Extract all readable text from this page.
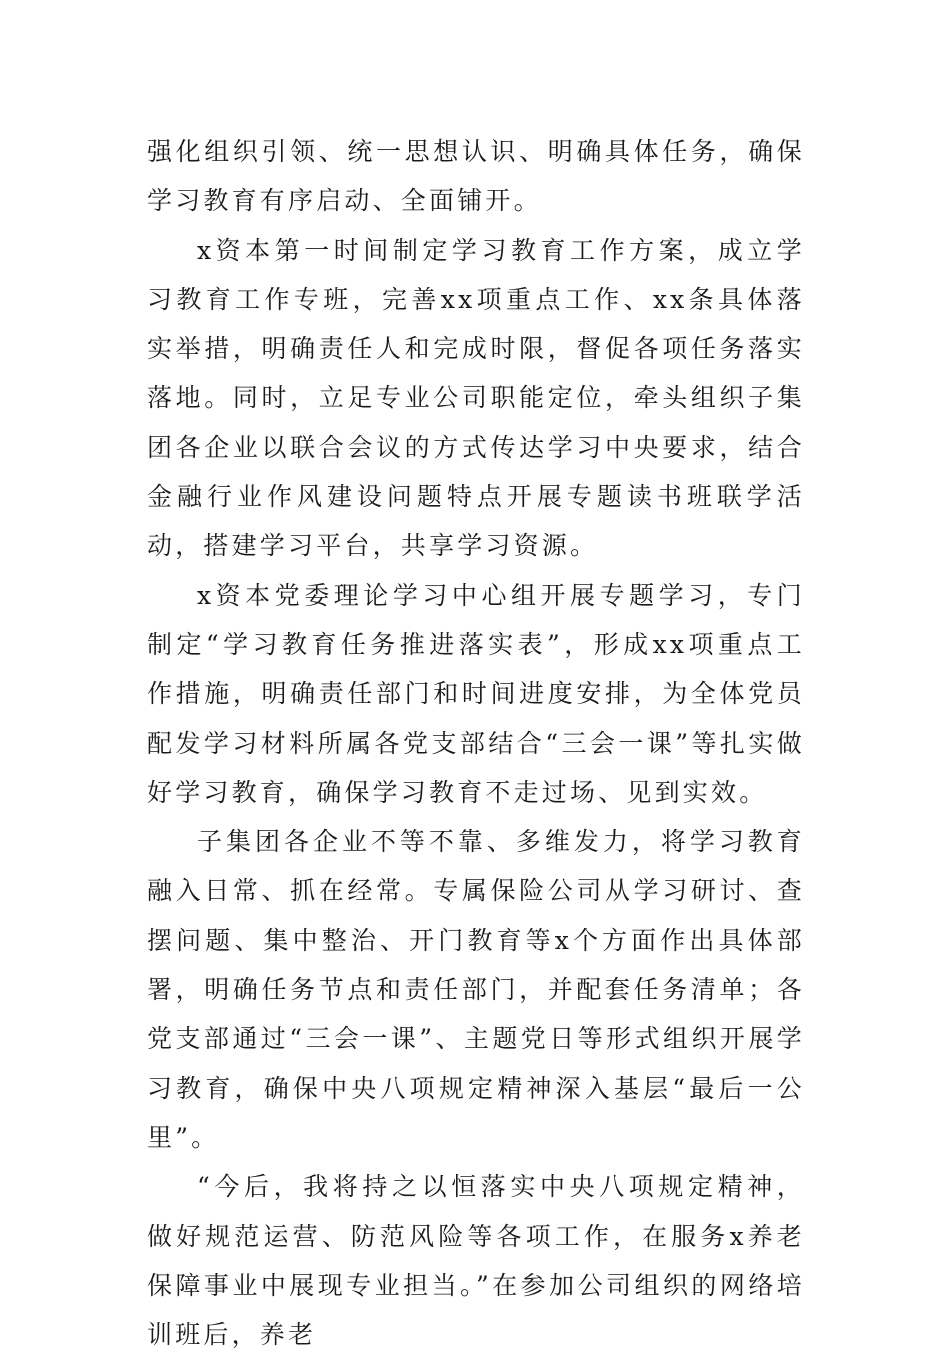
强化组织引领、统一思想认识、明确具体任务，确保学习教育有序启动、全面铺开。

x资本第一时间制定学习教育工作方案，成立学习教育工作专班，完善xx项重点工作、xx条具体落实举措，明确责任人和完成时限，督促各项任务落实落地。同时，立足专业公司职能定位，牵头组织子集团各企业以联合会议的方式传达学习中央要求，结合金融行业作风建设问题特点开展专题读书班联学活动，搭建学习平台，共享学习资源。

x资本党委理论学习中心组开展专题学习，专门制定“学习教育任务推进落实表”，形成xx项重点工作措施，明确责任部门和时间进度安排，为全体党员配发学习材料所属各党支部结合“三会一课”等扎实做好学习教育，确保学习教育不走过场、见到实效。

子集团各企业不等不靠、多维发力，将学习教育融入日常、抓在经常。专属保险公司从学习研讨、查摆问题、集中整治、开门教育等x个方面作出具体部署，明确任务节点和责任部门，并配套任务清单；各党支部通过“三会一课”、主题党日等形式组织开展学习教育，确保中央八项规定精神深入基层“最后一公里”。

“今后，我将持之以恒落实中央八项规定精神，做好规范运营、防范风险等各项工作，在服务x养老保障事业中展现专业担当。”在参加公司组织的网络培训班后，养老
